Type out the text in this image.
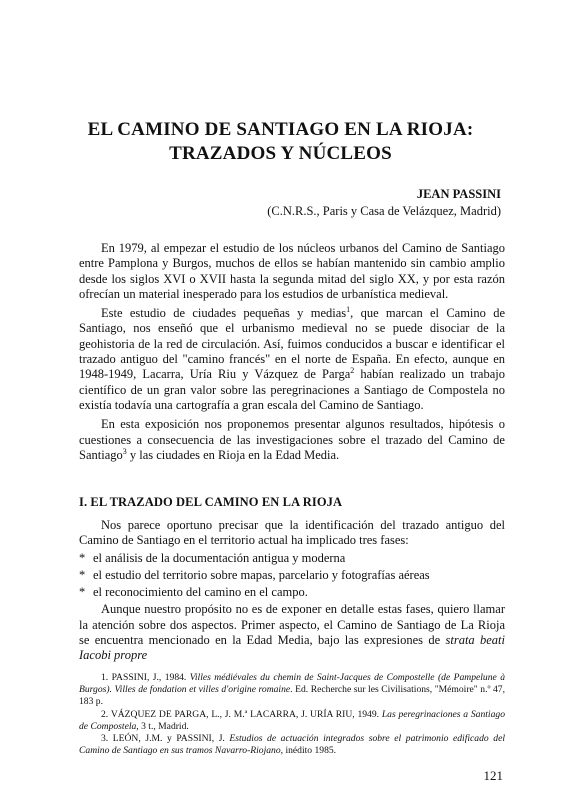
EL CAMINO DE SANTIAGO EN LA RIOJA:
TRAZADOS Y NÚCLEOS
JEAN PASSINI
(C.N.R.S., Paris y Casa de Velázquez, Madrid)

En 1979, al empezar el estudio de los núcleos urbanos del Camino de Santiago entre Pamplona y Burgos, muchos de ellos se habían mantenido sin cambio amplio desde los siglos XVI o XVII hasta la segunda mitad del siglo XX, y por esta razón ofrecían un material inesperado para los estudios de urbanística medieval.

Este estudio de ciudades pequeñas y medias$^1$, que marcan el Camino de Santiago, nos enseñó que el urbanismo medieval no se puede disociar de la geohistoria de la red de circulación. Así, fuimos conducidos a buscar e identificar el trazado antiguo del "camino francés" en el norte de España. En efecto, aunque en 1948-1949, Lacarra, Uría Riu y Vázquez de Parga$^2$ habían realizado un trabajo científico de un gran valor sobre las peregrinaciones a Santiago de Compostela no existía todavía una cartografía a gran escala del Camino de Santiago.

En esta exposición nos proponemos presentar algunos resultados, hipótesis o cuestiones a consecuencia de las investigaciones sobre el trazado del Camino de Santiago$^3$ y las ciudades en Rioja en la Edad Media.

I. EL TRAZADO DEL CAMINO EN LA RIOJA

Nos parece oportuno precisar que la identificación del trazado antiguo del Camino de Santiago en el territorio actual ha implicado tres fases:

* el análisis de la documentación antigua y moderna
* el estudio del territorio sobre mapas, parcelario y fotografías aéreas
* el reconocimiento del camino en el campo.

Aunque nuestro propósito no es de exponer en detalle estas fases, quiero llamar la atención sobre dos aspectos. Primer aspecto, el Camino de Santiago de La Rioja se encuentra mencionado en la Edad Media, bajo las expresiones de strata beati Iacobi propre

1. PASSINI, J., 1984. Villes médiévales du chemin de Saint-Jacques de Compostelle (de Pampelune à Burgos). Villes de fondation et villes d'origine romaine. Ed. Recherche sur les Civilisations, "Mémoire" n.º 47, 183 p.

2. VÁZQUEZ DE PARGA, L., J. M.ª LACARRA, J. URÍA RIU, 1949. Las peregrinaciones a Santiago de Compostela, 3 t., Madrid.

3. LEÓN, J.M. y PASSINI, J. Estudios de actuación integrados sobre el patrimonio edificado del Camino de Santiago en sus tramos Navarro-Riojano, inédito 1985.

121
